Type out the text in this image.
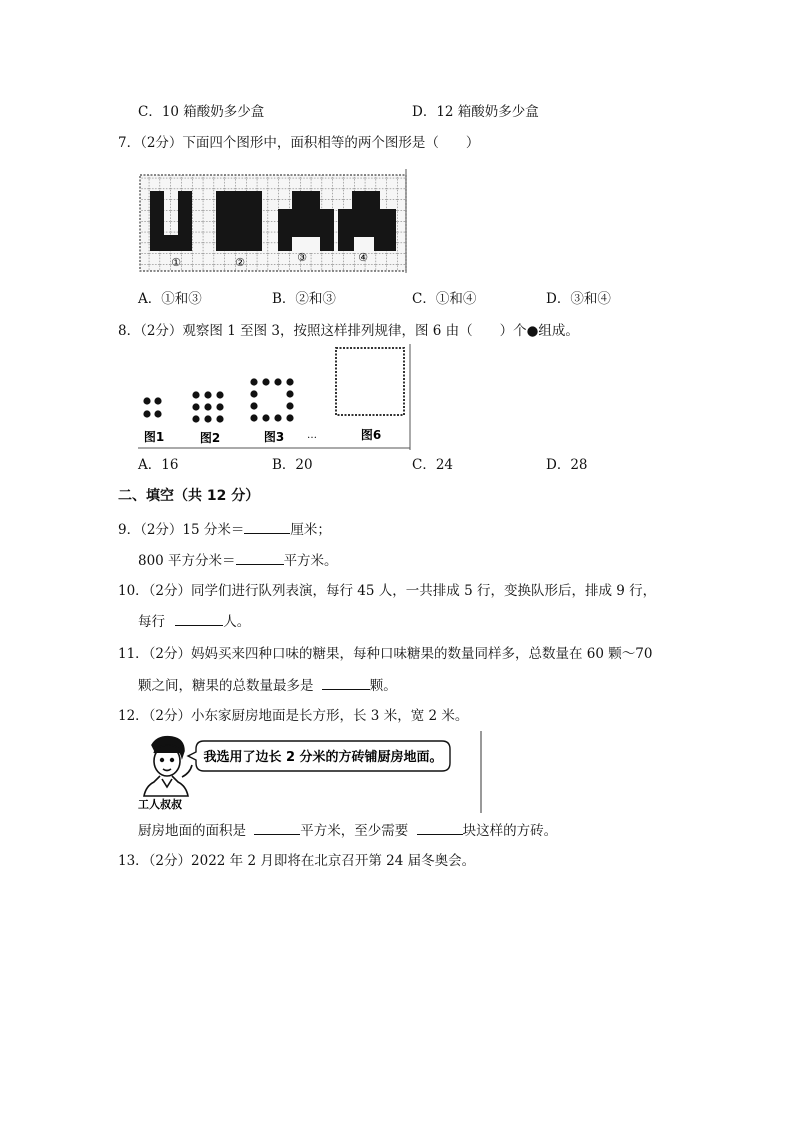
C．10 箱酸奶多少盒	D．12 箱酸奶多少盒
7．（2分）下面四个图形中，面积相等的两个图形是（　　）
①	②	③	④
A．①和③	B．②和③	C．①和④	D．③和④
8．（2分）观察图 1 至图 3，按照这样排列规律，图 6 由（　　）个●组成。
图1	图2	图3 …	图6
A．16	B．20	C．24	D．28
二、填空（共 12 分）
9．（2分）15 分米＝	厘米；
800 平方分米＝	平方米。
10．（2分）同学们进行队列表演，每行 45 人，一共排成 5 行，变换队形后，排成 9 行，
每行	人。
11．（2分）妈妈买来四种口味的糖果，每种口味糖果的数量同样多，总数量在 60 颗～70
颗之间，糖果的总数量最多是	颗。
12．（2分）小东家厨房地面是长方形，长 3 米，宽 2 米。
我选用了边长 2 分米的方砖铺厨房地面。
工人叔叔
厨房地面的面积是	平方米，至少需要	块这样的方砖。
13．（2分）2022 年 2 月即将在北京召开第 24 届冬奥会。
